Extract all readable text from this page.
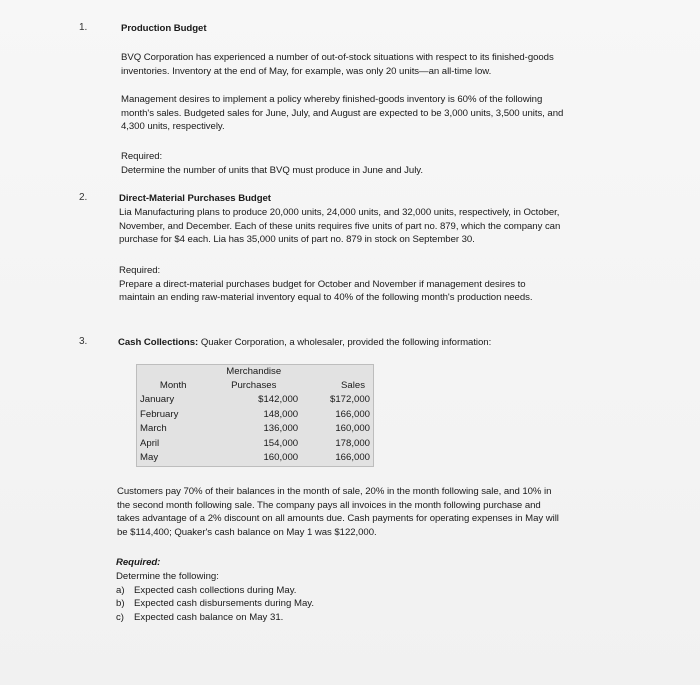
1.	Production Budget
BVQ Corporation has experienced a number of out-of-stock situations with respect to its finished-goods
inventories. Inventory at the end of May, for example, was only 20 units—an all-time low.
Management desires to implement a policy whereby finished-goods inventory is 60% of the following
month's sales. Budgeted sales for June, July, and August are expected to be 3,000 units, 3,500 units, and
4,300 units, respectively.
Required:
Determine the number of units that BVQ must produce in June and July.
2.	Direct-Material Purchases Budget
Lia Manufacturing plans to produce 20,000 units, 24,000 units, and 32,000 units, respectively, in October,
November, and December. Each of these units requires five units of part no. 879, which the company can
purchase for $4 each. Lia has 35,000 units of part no. 879 in stock on September 30.
Required:
Prepare a direct-material purchases budget for October and November if management desires to
maintain an ending raw-material inventory equal to 40% of the following month's production needs.
3.	Cash Collections: Quaker Corporation, a wholesaler, provided the following information:
	Merchandise	
Month	Purchases	Sales
January	$142,000	$172,000
February	148,000	166,000
March	136,000	160,000
April	154,000	178,000
May	160,000	166,000
Customers pay 70% of their balances in the month of sale, 20% in the month following sale, and 10% in
the second month following sale. The company pays all invoices in the month following purchase and
takes advantage of a 2% discount on all amounts due. Cash payments for operating expenses in May will
be $114,400; Quaker's cash balance on May 1 was $122,000.
Required:
Determine the following:
a) Expected cash collections during May.
b) Expected cash disbursements during May.
c) Expected cash balance on May 31.
